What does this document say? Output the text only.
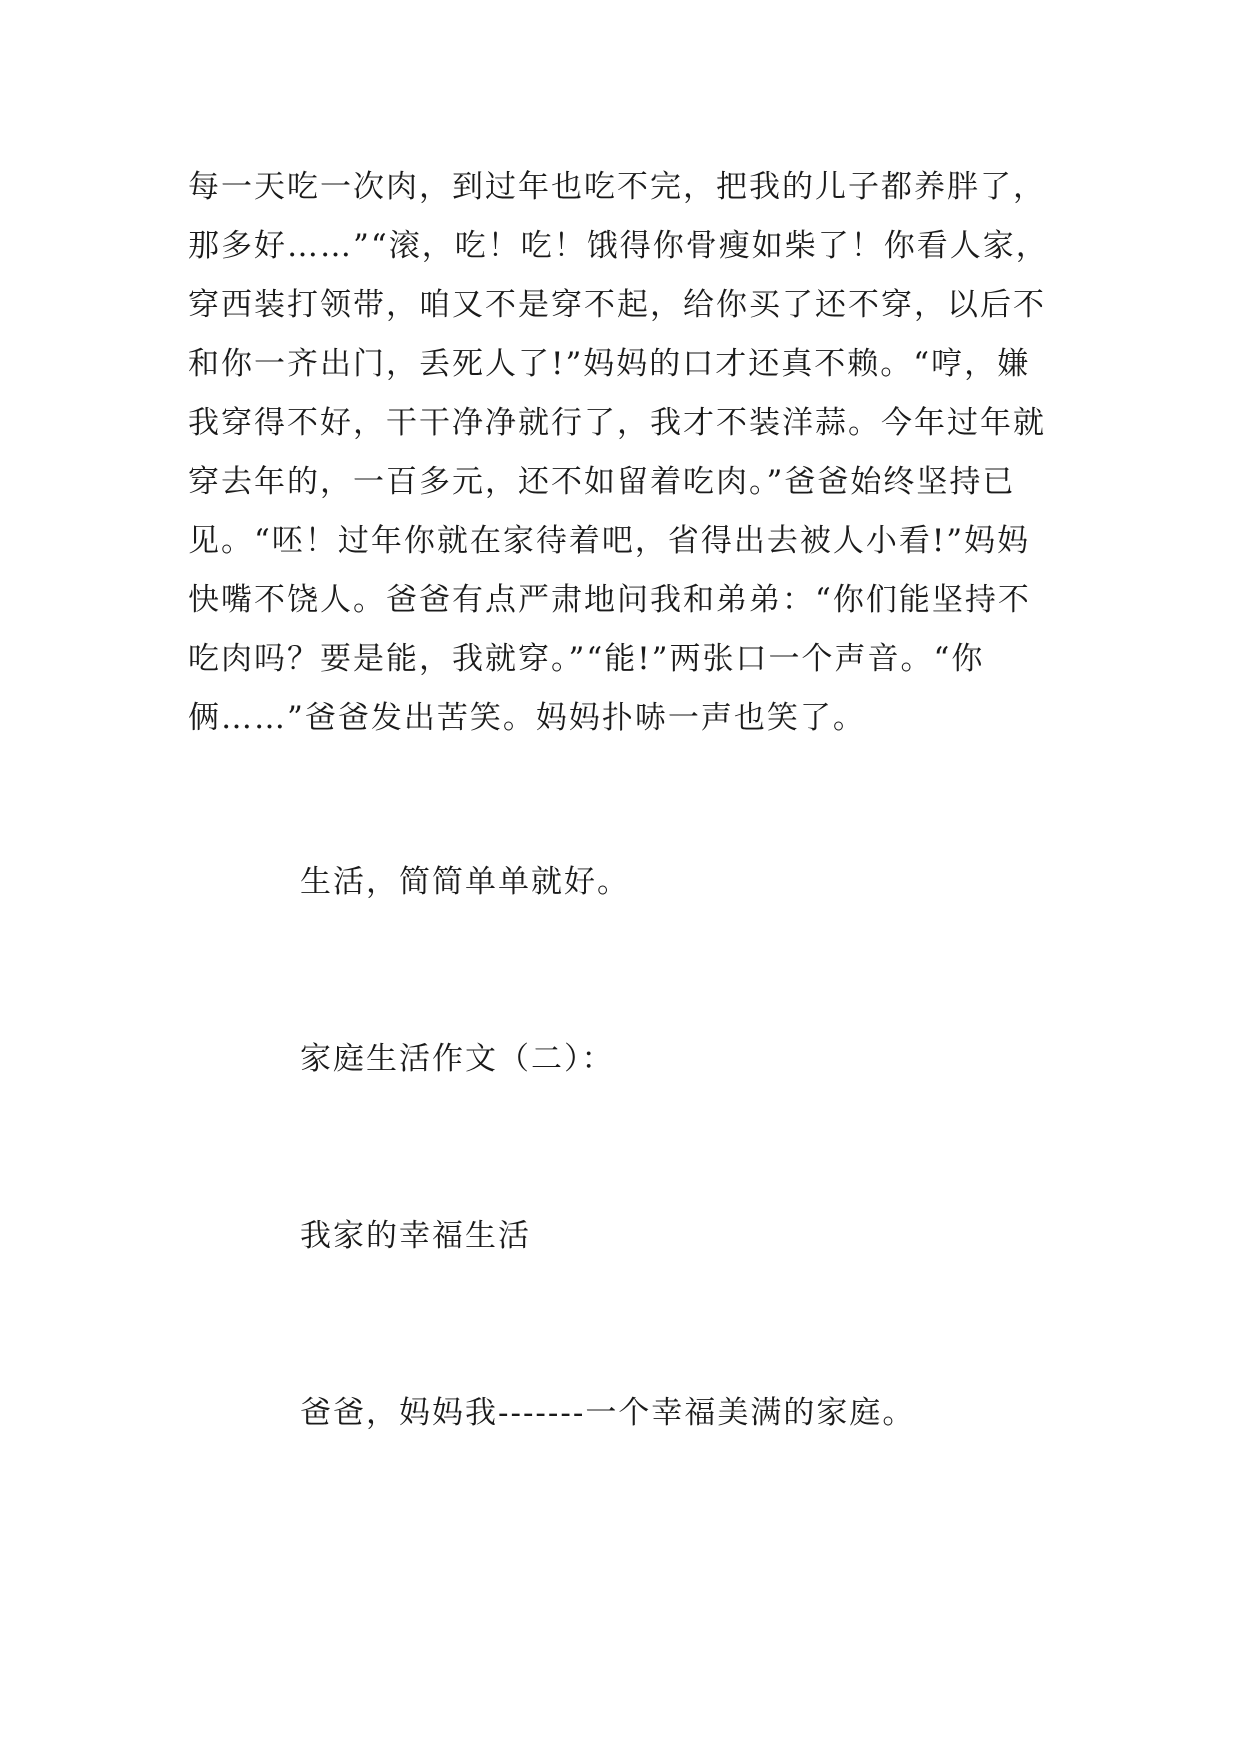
每一天吃一次肉，到过年也吃不完，把我的儿子都养胖了，
那多好……”“滚，吃！吃！饿得你骨瘦如柴了！你看人家，
穿西装打领带，咱又不是穿不起，给你买了还不穿，以后不
和你一齐出门，丢死人了!”妈妈的口才还真不赖。“哼，嫌
我穿得不好，干干净净就行了，我才不装洋蒜。今年过年就
穿去年的，一百多元，还不如留着吃肉。”爸爸始终坚持已
见。“呸！过年你就在家待着吧，省得出去被人小看!”妈妈
快嘴不饶人。爸爸有点严肃地问我和弟弟：“你们能坚持不
吃肉吗？要是能，我就穿。”“能!”两张口一个声音。“你
俩……”爸爸发出苦笑。妈妈扑哧一声也笑了。

生活，简简单单就好。

家庭生活作文（二）：

我家的幸福生活

爸爸，妈妈我-------一个幸福美满的家庭。
